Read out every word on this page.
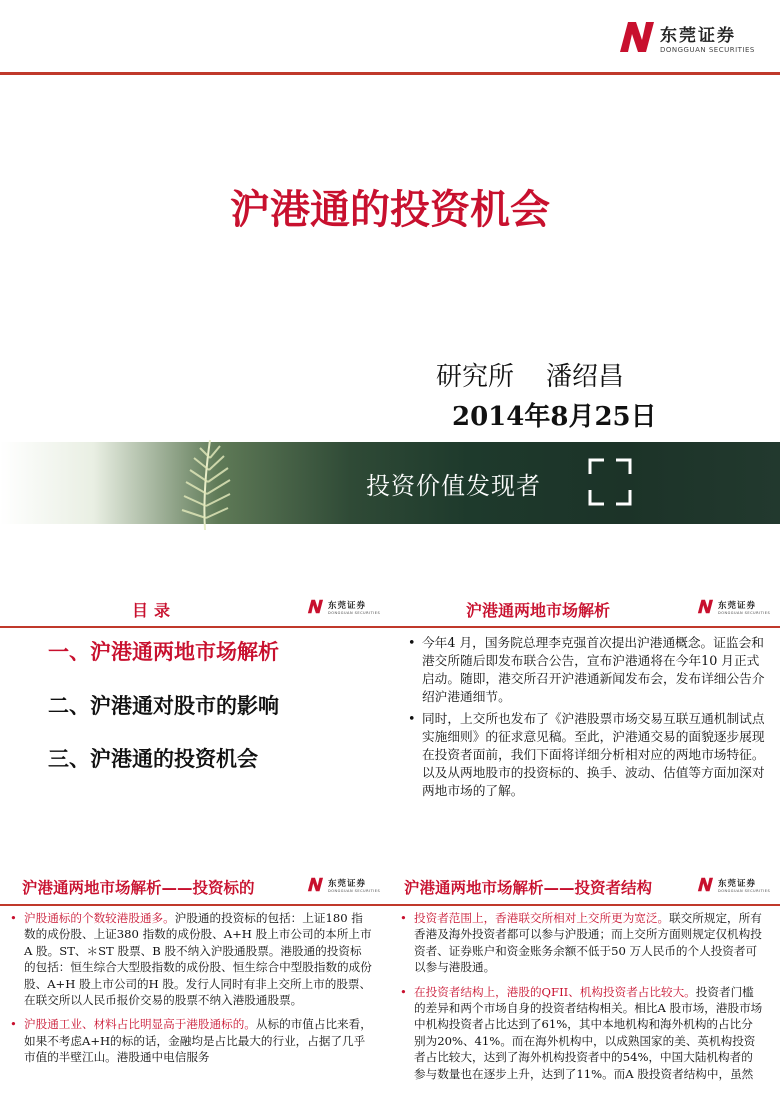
东莞证券
DONGGUAN SECURITIES
沪港通的投资机会
研究所 潘绍昌
2014年8月25日
投资价值发现者
目录	东莞证券
DONGGUAN SECURITIES
一、沪港通两地市场解析
二、沪港通对股市的影响
三、沪港通的投资机会
沪港通两地市场解析	东莞证券
DONGGUAN SECURITIES
• 今年4 月，国务院总理李克强首次提出沪港通概念。证监会和港交所随后即发布联合公告，宣布沪港通将在今年10 月正式启动。随即，港交所召开沪港通新闻发布会，发布详细公告介绍沪港通细节。
• 同时，上交所也发布了《沪港股票市场交易互联互通机制试点实施细则》的征求意见稿。至此，沪港通交易的面貌逐步展现在投资者面前，我们下面将详细分析相对应的两地市场特征。以及从两地股市的投资标的、换手、波动、估值等方面加深对两地市场的了解。
沪港通两地市场解析——投资标的	东莞证券
DONGGUAN SECURITIES
• 沪股通标的个数较港股通多。沪股通的投资标的包括：上证180 指数的成份股、上证380 指数的成份股、A+H 股上市公司的本所上市A 股。ST、＊ST 股票、B 股不纳入沪股通股票。港股通的投资标的包括：恒生综合大型股指数的成份股、恒生综合中型股指数的成份股、A+H 股上市公司的H 股。发行人同时有非上交所上市的股票、在联交所以人民币报价交易的股票不纳入港股通股票。
• 沪股通工业、材料占比明显高于港股通标的。从标的市值占比来看，如果不考虑A+H的标的话，金融均是占比最大的行业，占据了几乎市值的半壁江山。港股通中电信服务
沪港通两地市场解析——投资者结构	东莞证券
DONGGUAN SECURITIES
• 投资者范围上，香港联交所相对上交所更为宽泛。联交所规定，所有香港及海外投资者都可以参与沪股通；而上交所方面则规定仅机构投资者、证券账户和资金账务余额不低于50 万人民币的个人投资者可以参与港股通。
• 在投资者结构上，港股的QFII、机构投资者占比较大。投资者门槛的差异和两个市场自身的投资者结构相关。相比A 股市场，港股市场中机构投资者占比达到了61%，其中本地机构和海外机构的占比分别为20%、41%。而在海外机构中，以成熟国家的美、英机构投资者占比较大，达到了海外机构投资者中的54%，中国大陆机构者的参与数量也在逐步上升，达到了11%。而A 股投资者结构中，虽然
